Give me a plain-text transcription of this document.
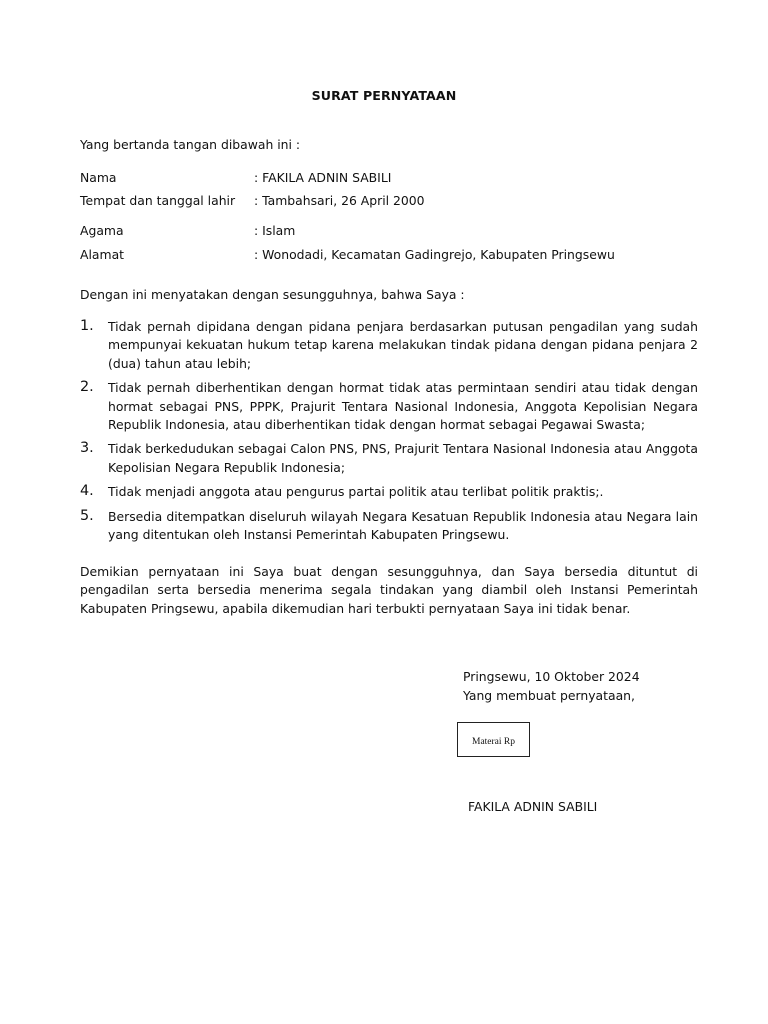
SURAT PERNYATAAN
Yang bertanda tangan dibawah ini :
Nama	: FAKILA ADNIN SABILI
Tempat dan tanggal lahir : Tambahsari, 26 April 2000
Agama	: Islam
Alamat	: Wonodadi, Kecamatan Gadingrejo, Kabupaten Pringsewu
Dengan ini menyatakan dengan sesungguhnya, bahwa Saya :
1. Tidak pernah dipidana dengan pidana penjara berdasarkan putusan pengadilan yang sudah mempunyai kekuatan hukum tetap karena melakukan tindak pidana dengan pidana penjara 2 (dua) tahun atau lebih;
2. Tidak pernah diberhentikan dengan hormat tidak atas permintaan sendiri atau tidak dengan hormat sebagai PNS, PPPK, Prajurit Tentara Nasional Indonesia, Anggota Kepolisian Negara Republik Indonesia, atau diberhentikan tidak dengan hormat sebagai Pegawai Swasta;
3. Tidak berkedudukan sebagai Calon PNS, PNS, Prajurit Tentara Nasional Indonesia atau Anggota Kepolisian Negara Republik Indonesia;
4. Tidak menjadi anggota atau pengurus partai politik atau terlibat politik praktis;.
5. Bersedia ditempatkan diseluruh wilayah Negara Kesatuan Republik Indonesia atau Negara lain yang ditentukan oleh Instansi Pemerintah Kabupaten Pringsewu.

Demikian pernyataan ini Saya buat dengan sesungguhnya, dan Saya bersedia dituntut di pengadilan serta bersedia menerima segala tindakan yang diambil oleh Instansi Pemerintah Kabupaten Pringsewu, apabila dikemudian hari terbukti pernyataan Saya ini tidak benar.

Pringsewu, 10 Oktober 2024
Yang membuat pernyataan,
Materai Rp
FAKILA ADNIN SABILI
